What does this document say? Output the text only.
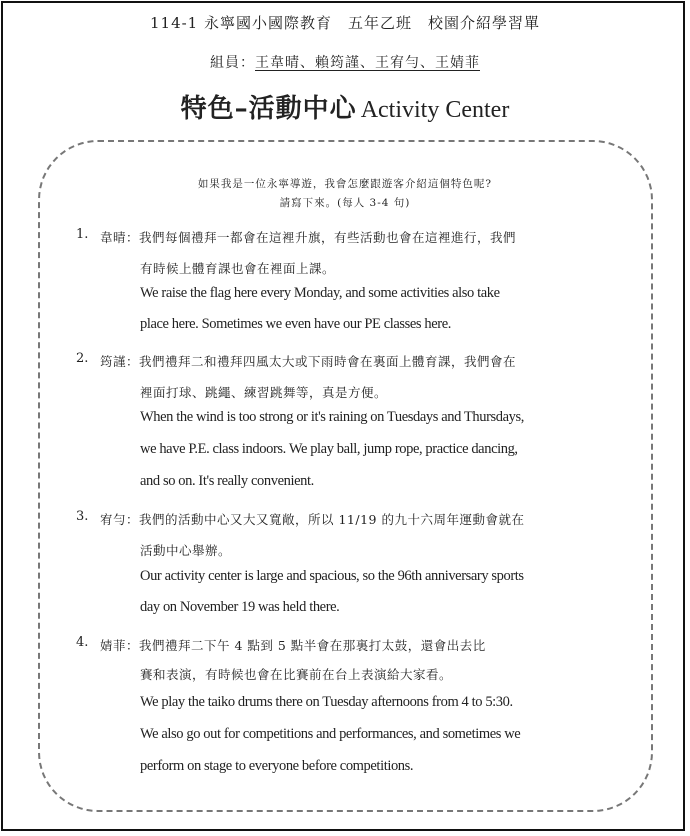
114-1 永寧國小國際教育　五年乙班　校園介紹學習單
組員：王韋晴、賴筠謹、王宥勻、王婧菲
特色–活動中心 Activity Center
如果我是一位永寧導遊，我會怎麼跟遊客介紹這個特色呢?
請寫下來。(每人 3-4 句)
1. 韋晴：我們每個禮拜一都會在這裡升旗，有些活動也會在這裡進行，我們
有時候上體育課也會在裡面上課。
We raise the flag here every Monday, and some activities also take
place here. Sometimes we even have our PE classes here.
2. 筠謹：我們禮拜二和禮拜四風太大或下雨時會在裏面上體育課，我們會在
裡面打球、跳繩、練習跳舞等，真是方便。
When the wind is too strong or it's raining on Tuesdays and Thursdays,
we have P.E. class indoors. We play ball, jump rope, practice dancing,
and so on. It's really convenient.
3. 宥勻：我們的活動中心又大又寬敞，所以 11/19 的九十六周年運動會就在
活動中心舉辦。
Our activity center is large and spacious, so the 96th anniversary sports
day on November 19 was held there.
4. 婧菲：我們禮拜二下午 4 點到 5 點半會在那裏打太鼓，還會出去比
賽和表演，有時候也會在比賽前在台上表演給大家看。
We play the taiko drums there on Tuesday afternoons from 4 to 5:30.
We also go out for competitions and performances, and sometimes we
perform on stage to everyone before competitions.
